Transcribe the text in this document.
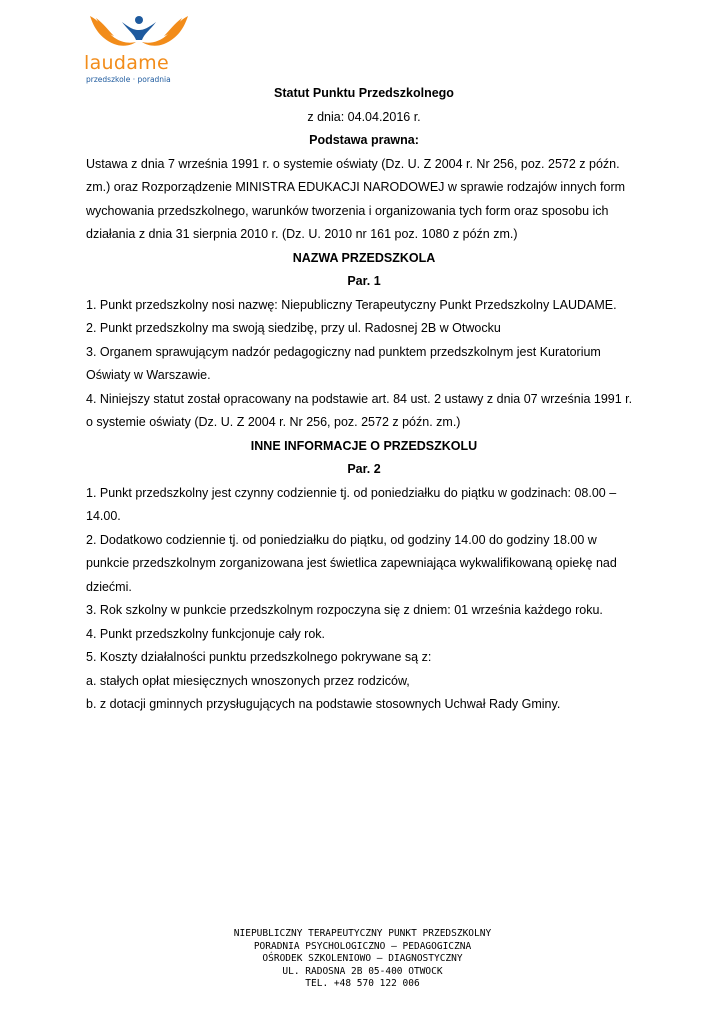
laudame
przedszkole · poradnia

Statut Punktu Przedszkolnego

z dnia: 04.04.2016 r.

Podstawa prawna:

Ustawa z dnia 7 września 1991 r. o systemie oświaty (Dz. U. Z 2004 r. Nr 256, poz. 2572 z późn. zm.) oraz Rozporządzenie MINISTRA EDUKACJI NARODOWEJ w sprawie rodzajów innych form wychowania przedszkolnego, warunków tworzenia i organizowania tych form oraz sposobu ich działania z dnia 31 sierpnia 2010 r. (Dz. U. 2010 nr 161 poz. 1080 z późn zm.)

NAZWA PRZEDSZKOLA

Par. 1

1. Punkt przedszkolny nosi nazwę: Niepubliczny Terapeutyczny Punkt Przedszkolny LAUDAME.

2. Punkt przedszkolny ma swoją siedzibę, przy ul. Radosnej 2B w Otwocku

3. Organem sprawującym nadzór pedagogiczny nad punktem przedszkolnym jest Kuratorium Oświaty w Warszawie.

4. Niniejszy statut został opracowany na podstawie art. 84 ust. 2 ustawy z dnia 07 września 1991 r. o systemie oświaty (Dz. U. Z 2004 r. Nr 256, poz. 2572 z późn. zm.)

INNE INFORMACJE O PRZEDSZKOLU

Par. 2

1. Punkt przedszkolny jest czynny codziennie tj. od poniedziałku do piątku w godzinach: 08.00 – 14.00.

2. Dodatkowo codziennie tj. od poniedziałku do piątku, od godziny 14.00 do godziny 18.00 w punkcie przedszkolnym zorganizowana jest świetlica zapewniająca wykwalifikowaną opiekę nad dziećmi.

3. Rok szkolny w punkcie przedszkolnym rozpoczyna się z dniem: 01 września każdego roku.

4. Punkt przedszkolny funkcjonuje cały rok.

5. Koszty działalności punktu przedszkolnego pokrywane są z:

a. stałych opłat miesięcznych wnoszonych przez rodziców,

b. z dotacji gminnych przysługujących na podstawie stosownych Uchwał Rady Gminy.

NIEPUBLICZNY TERAPEUTYCZNY PUNKT PRZEDSZKOLNY
PORADNIA PSYCHOLOGICZNO – PEDAGOGICZNA
OŚRODEK SZKOLENIOWO – DIAGNOSTYCZNY
UL. RADOSNA 2B 05-400 OTWOCK
TEL. +48 570 122 006
